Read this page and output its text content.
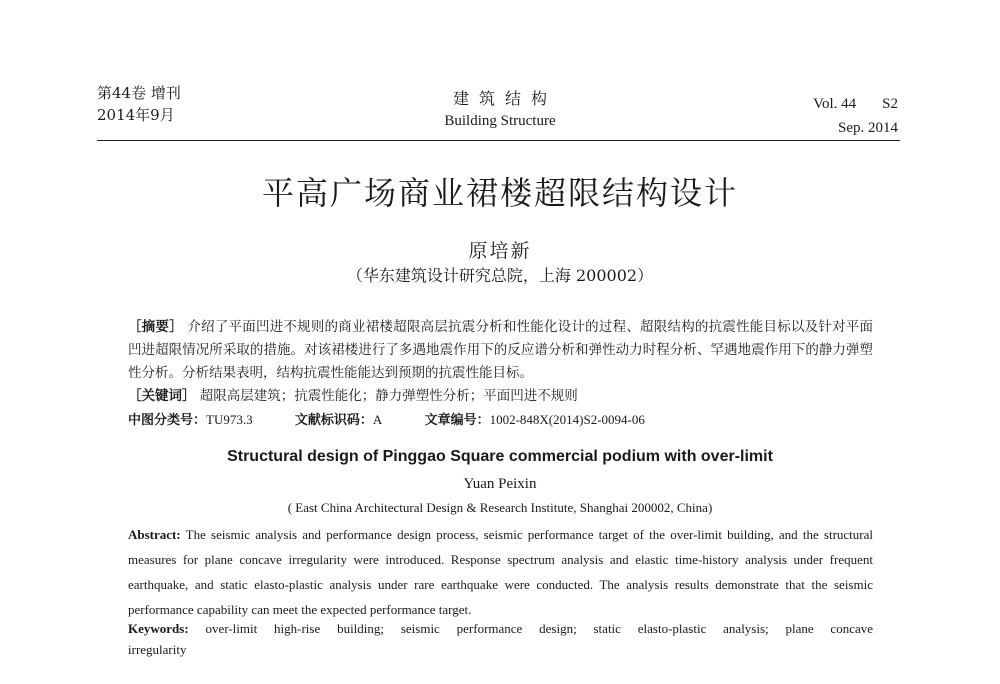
第44卷 增刊
2014年9月
建筑结构
Building Structure
Vol. 44 S2
Sep. 2014
平高广场商业裙楼超限结构设计
原培新
（华东建筑设计研究总院，上海 200002）
［摘要］ 介绍了平面凹进不规则的商业裙楼超限高层抗震分析和性能化设计的过程、超限结构的抗震性能目标以及针对平面凹进超限情况所采取的措施。对该裙楼进行了多遇地震作用下的反应谱分析和弹性动力时程分析、罕遇地震作用下的静力弹塑性分析。分析结果表明，结构抗震性能能达到预期的抗震性能目标。
［关键词］ 超限高层建筑；抗震性能化；静力弹塑性分析；平面凹进不规则
中图分类号：TU973.3	文献标识码：A	文章编号：1002-848X(2014)S2-0094-06
Structural design of Pinggao Square commercial podium with over-limit
Yuan Peixin
( East China Architectural Design & Research Institute, Shanghai 200002, China)
Abstract: The seismic analysis and performance design process, seismic performance target of the over-limit building, and the structural measures for plane concave irregularity were introduced. Response spectrum analysis and elastic time-history analysis under frequent earthquake, and static elasto-plastic analysis under rare earthquake were conducted. The analysis results demonstrate that the seismic performance capability can meet the expected performance target.
Keywords: over-limit high-rise building; seismic performance design; static elasto-plastic analysis; plane concave irregularity
